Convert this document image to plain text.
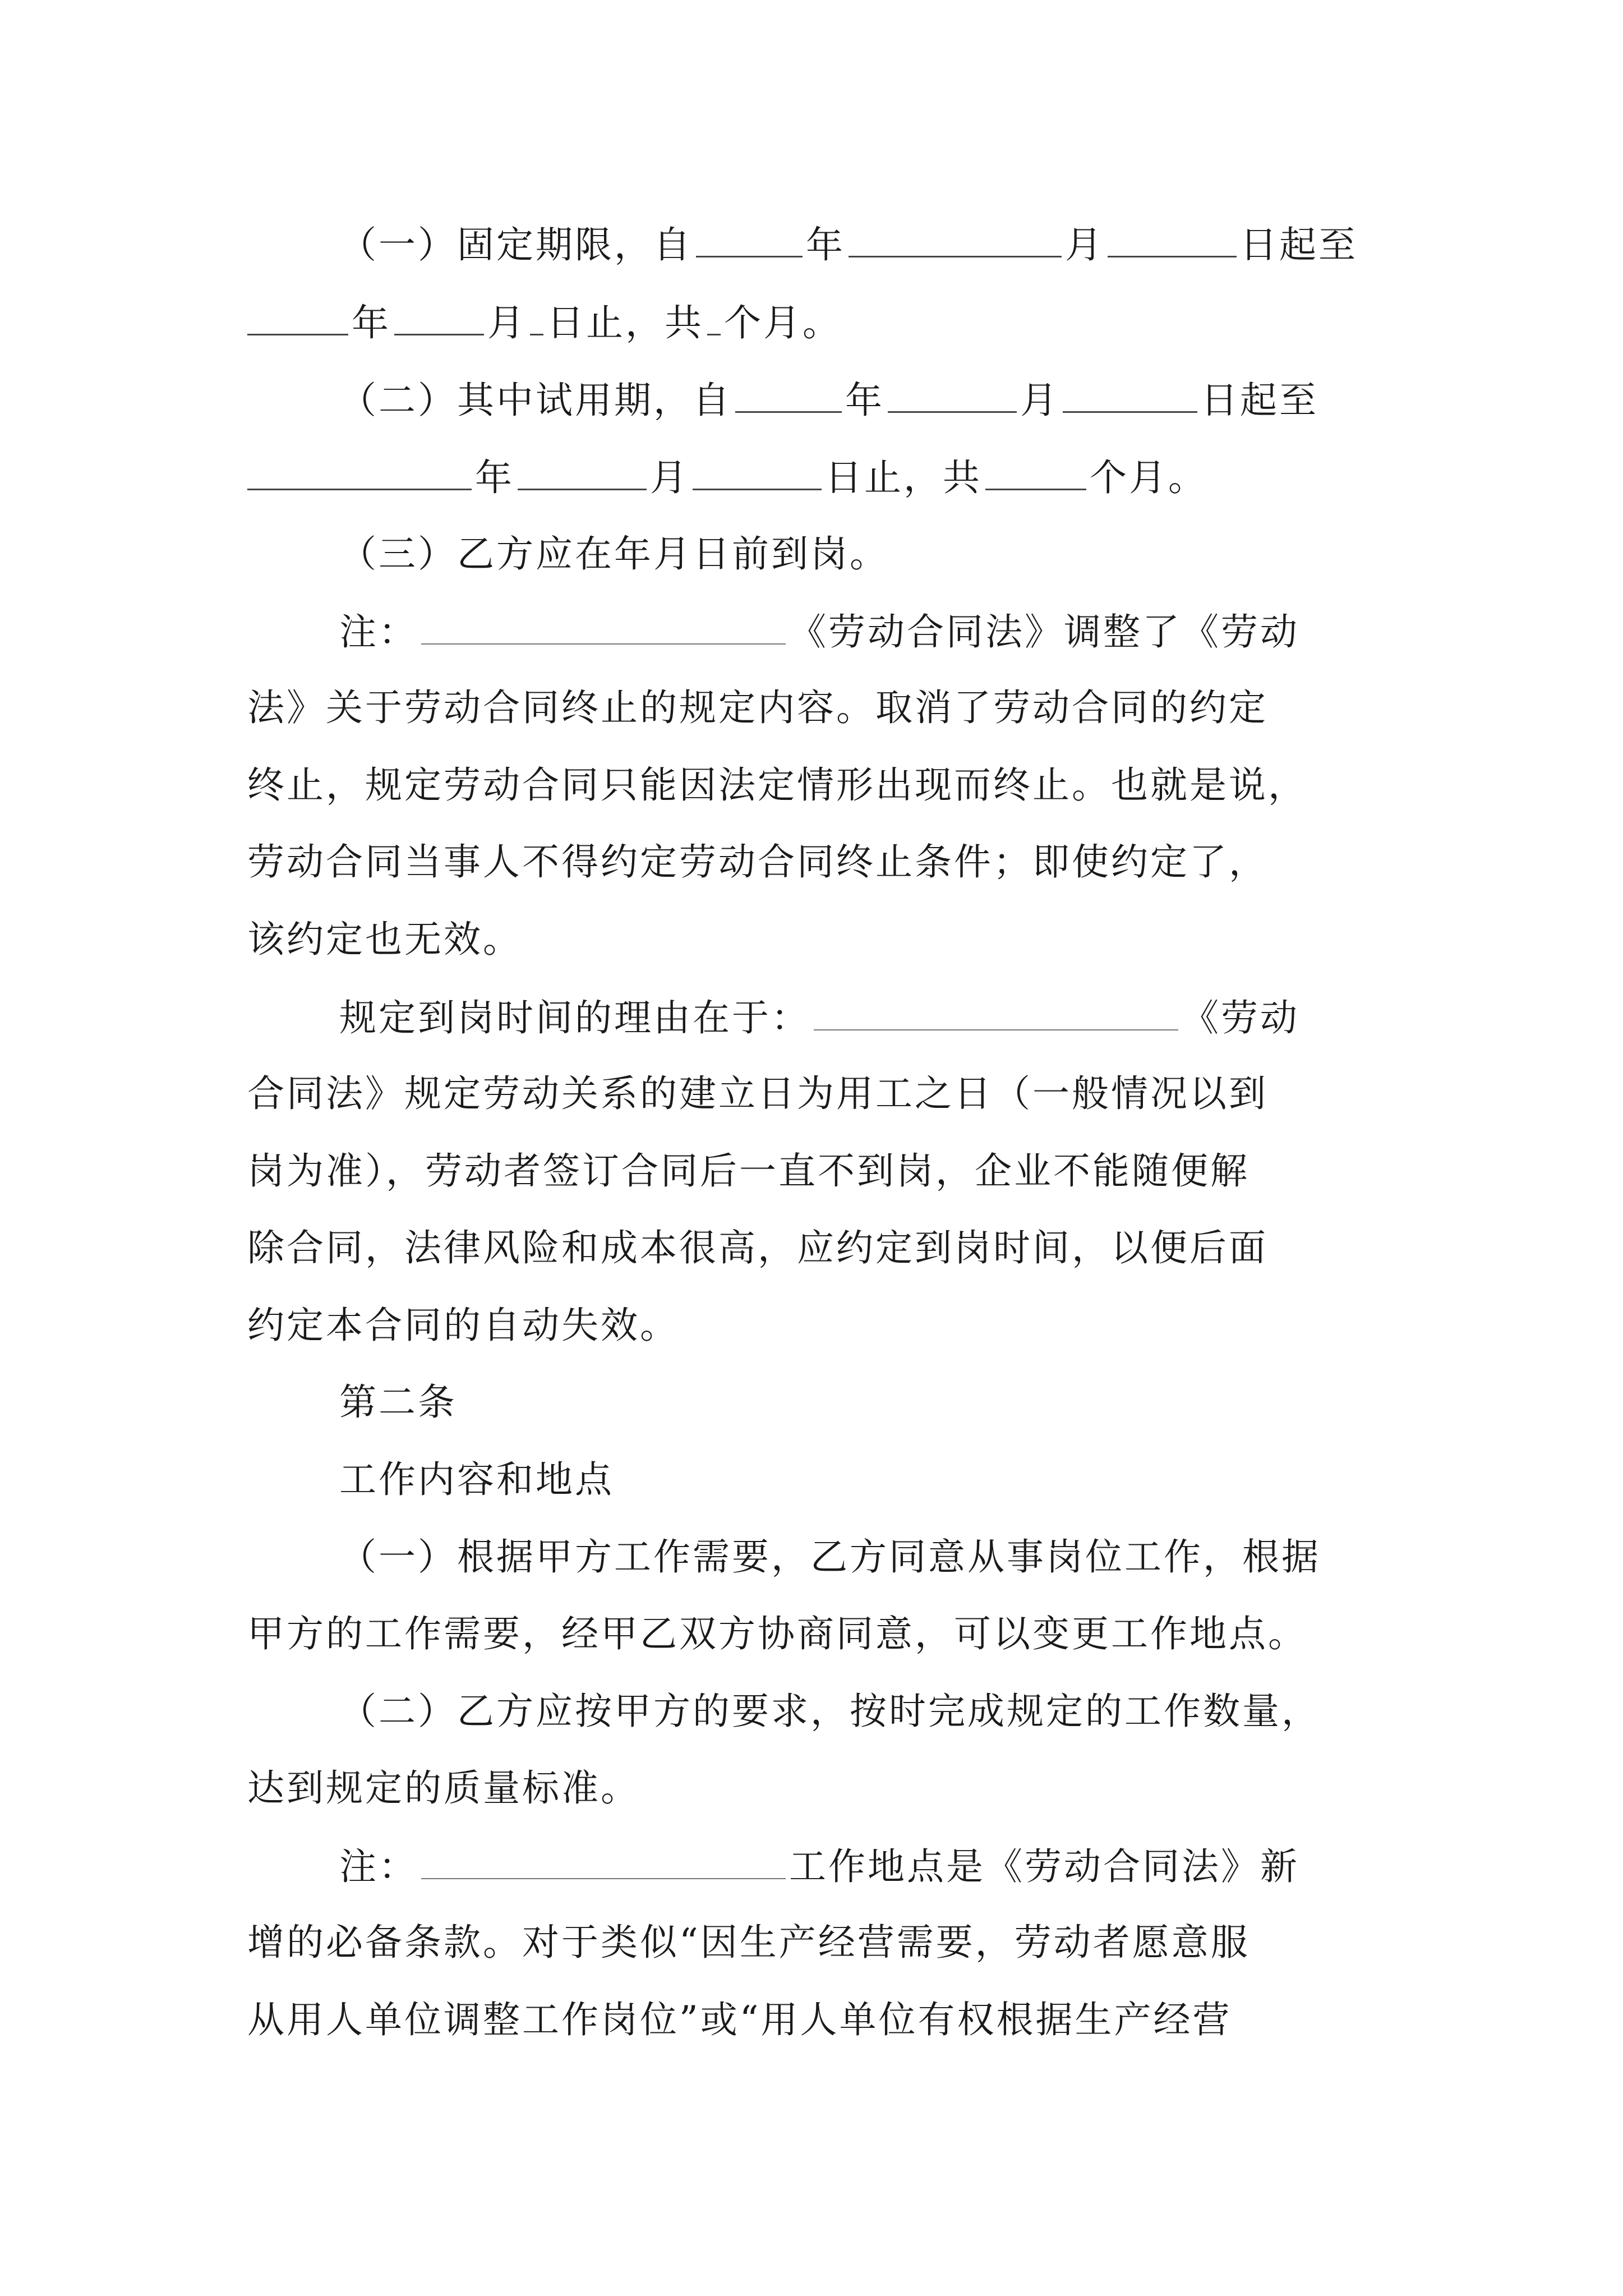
（一）固定期限，自	年	月	日起至
年	月 日止，共 个月。
（二）其中试用期，自	年	月	日起至
年	月	日止，共	个月。
（三）乙方应在年月日前到岗。
注：	《劳动合同法》调整了《劳动
法》关于劳动合同终止的规定内容。取消了劳动合同的约定
终止，规定劳动合同只能因法定情形出现而终止。也就是说，
劳动合同当事人不得约定劳动合同终止条件；即使约定了，
该约定也无效。
规定到岗时间的理由在于：	《劳动
合同法》规定劳动关系的建立日为用工之日（一般情况以到
岗为准），劳动者签订合同后一直不到岗，企业不能随便解
除合同，法律风险和成本很高，应约定到岗时间，以便后面
约定本合同的自动失效。
第二条
工作内容和地点
（一）根据甲方工作需要，乙方同意从事岗位工作，根据
甲方的工作需要，经甲乙双方协商同意，可以变更工作地点。
（二）乙方应按甲方的要求，按时完成规定的工作数量，
达到规定的质量标准。
注：	工作地点是《劳动合同法》新
增的必备条款。对于类似“因生产经营需要，劳动者愿意服
从用人单位调整工作岗位”或“用人单位有权根据生产经营
